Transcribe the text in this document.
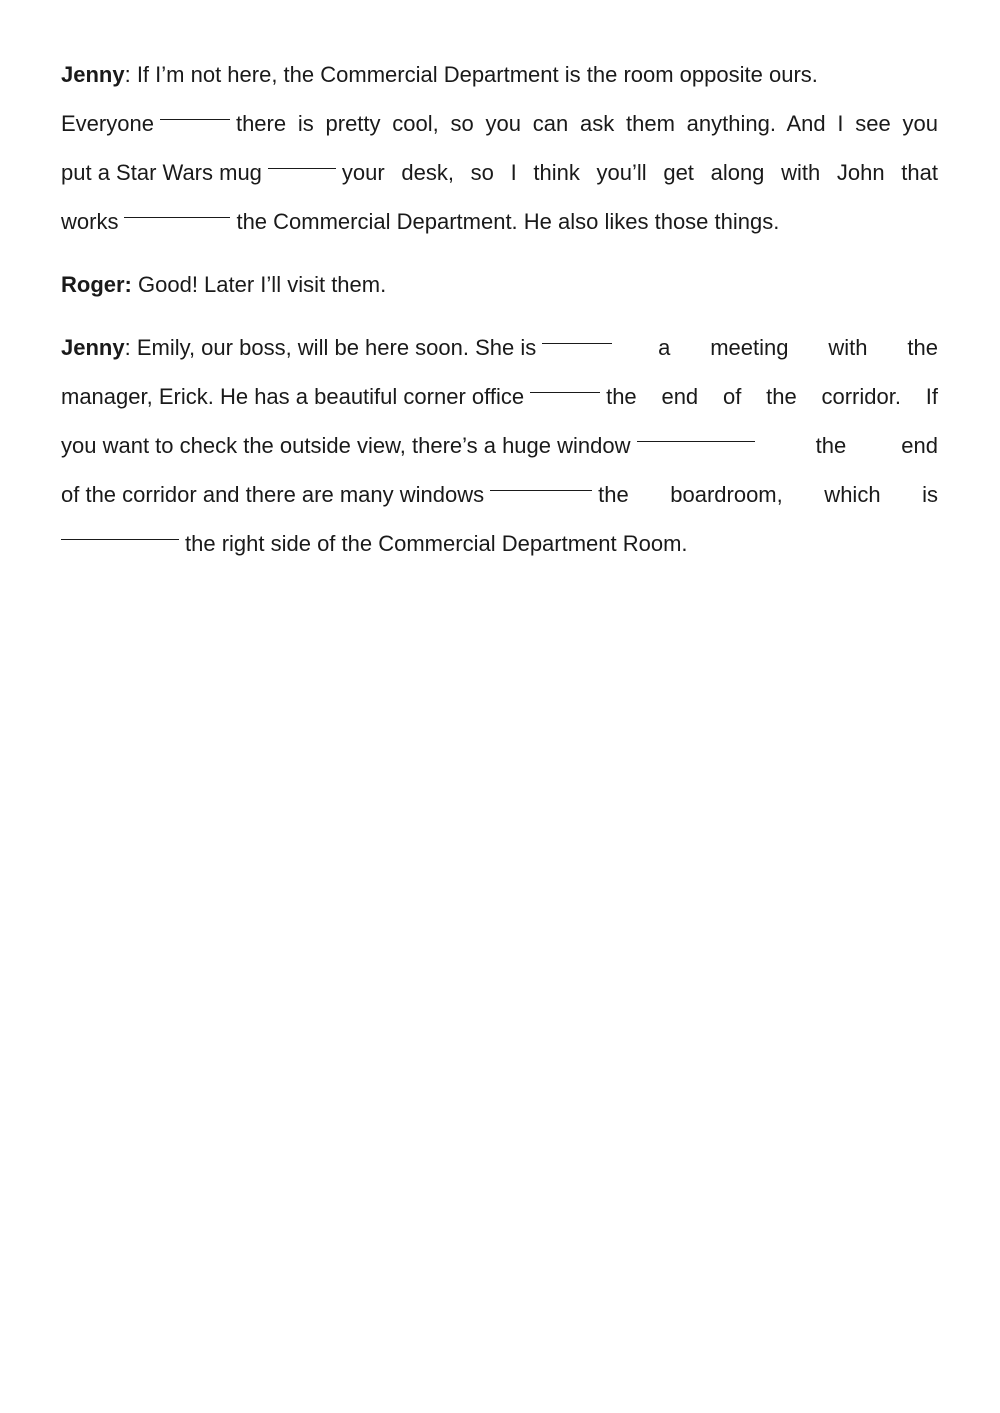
Jenny: If I’m not here, the Commercial Department is the room opposite ours.
Everyone	there is pretty cool, so you can ask them anything. And I see you
put a Star Wars mug	your desk, so I think you’ll get along with John that
works	the Commercial Department. He also likes those things.
Roger: Good! Later I’ll visit them.
Jenny: Emily, our boss, will be here soon. She is	a meeting with the
manager, Erick. He has a beautiful corner office	the end of the corridor. If
you want to check the outside view, there’s a huge window	the	end
of the corridor and there are many windows	the boardroom, which is
the right side of the Commercial Department Room.
